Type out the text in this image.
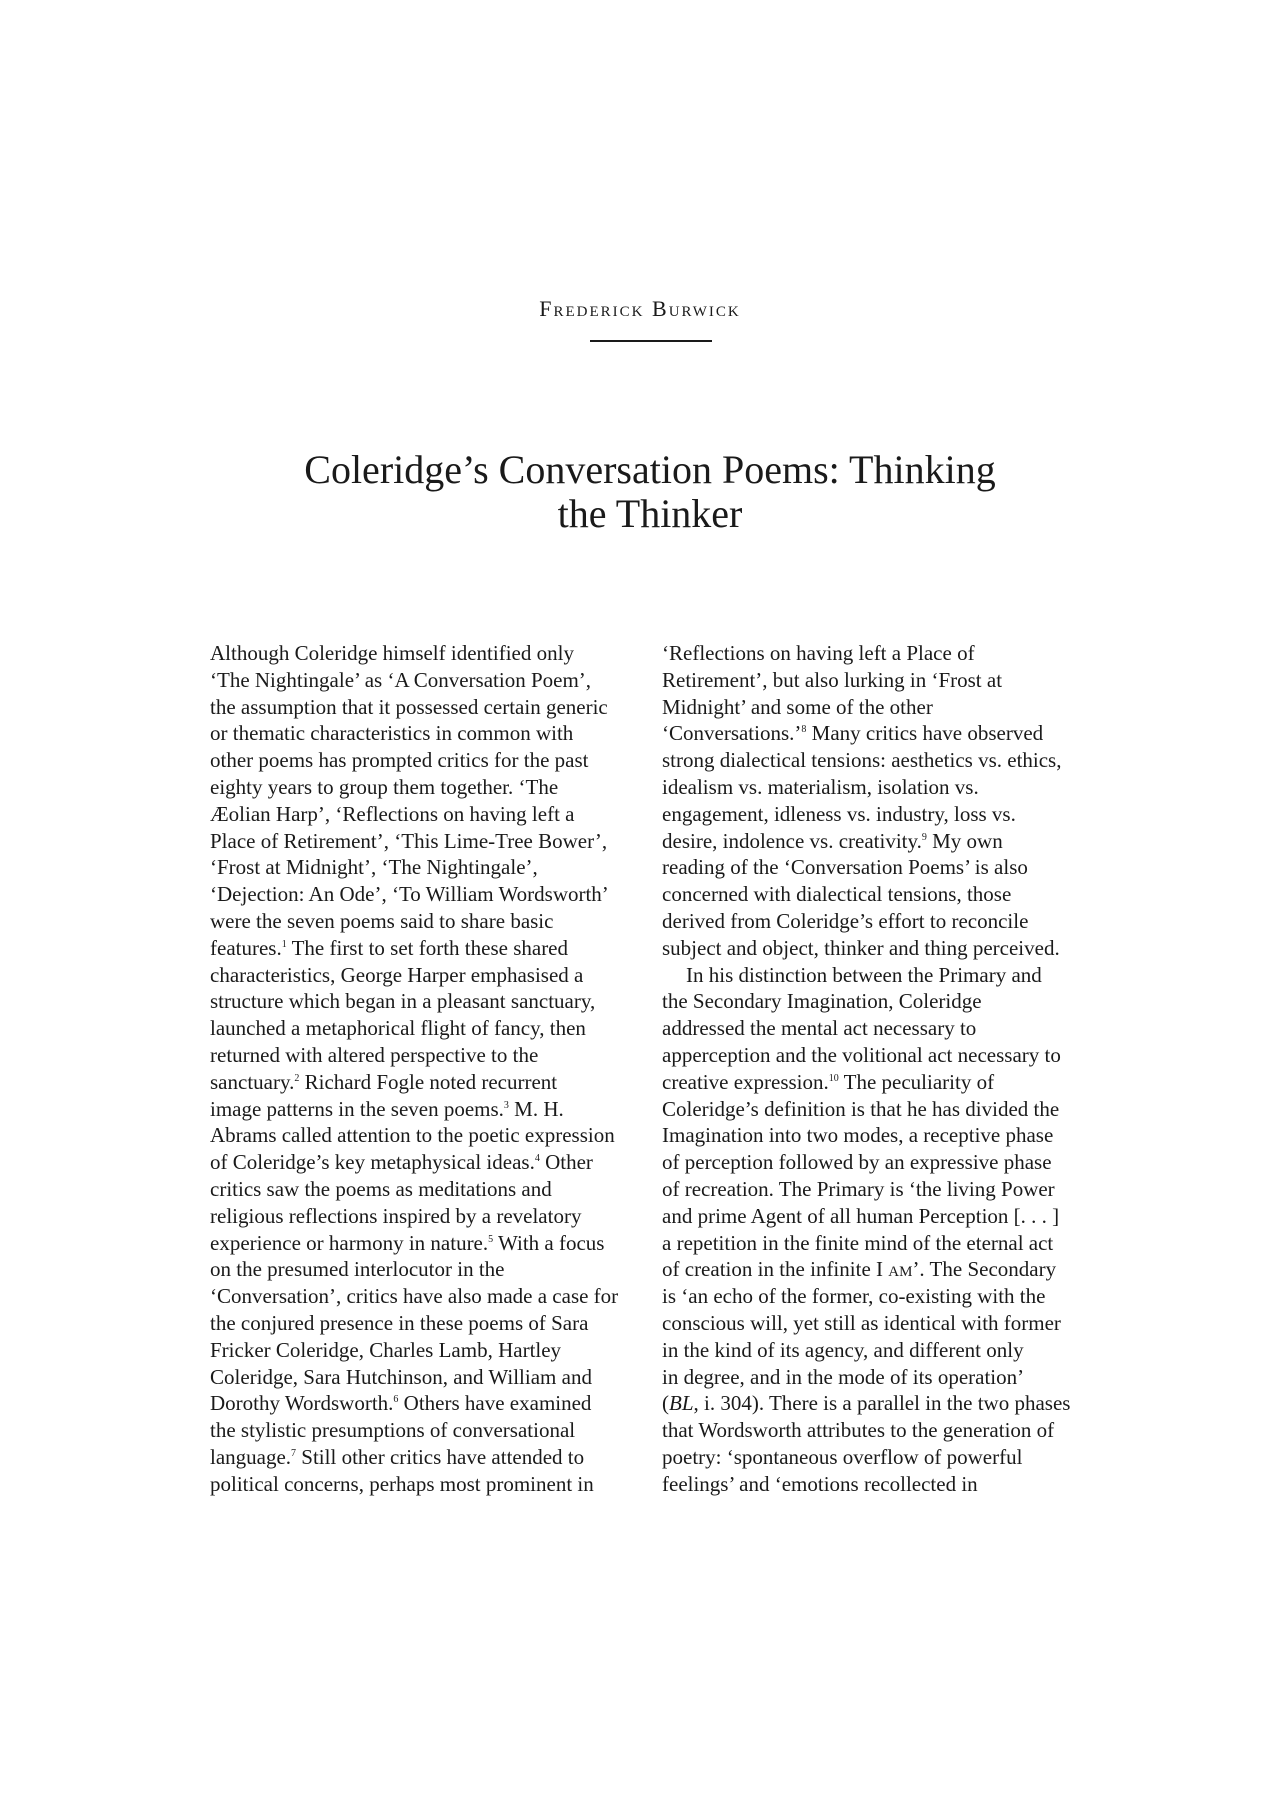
Frederick Burwick
Coleridge’s Conversation Poems: Thinking
the Thinker
Although Coleridge himself identified only
‘The Nightingale’ as ‘A Conversation Poem’,
the assumption that it possessed certain generic
or thematic characteristics in common with
other poems has prompted critics for the past
eighty years to group them together. ‘The
Æolian Harp’, ‘Reflections on having left a
Place of Retirement’, ‘This Lime-Tree Bower’,
‘Frost at Midnight’, ‘The Nightingale’,
‘Dejection: An Ode’, ‘To William Wordsworth’
were the seven poems said to share basic
features.$^1$ The first to set forth these shared
characteristics, George Harper emphasised a
structure which began in a pleasant sanctuary,
launched a metaphorical flight of fancy, then
returned with altered perspective to the
sanctuary.$^2$ Richard Fogle noted recurrent
image patterns in the seven poems.$^3$ M. H.
Abrams called attention to the poetic expression
of Coleridge’s key metaphysical ideas.$^4$ Other
critics saw the poems as meditations and
religious reflections inspired by a revelatory
experience or harmony in nature.$^5$ With a focus
on the presumed interlocutor in the
‘Conversation’, critics have also made a case for
the conjured presence in these poems of Sara
Fricker Coleridge, Charles Lamb, Hartley
Coleridge, Sara Hutchinson, and William and
Dorothy Wordsworth.$^6$ Others have examined
the stylistic presumptions of conversational
language.$^7$ Still other critics have attended to
political concerns, perhaps most prominent in
‘Reflections on having left a Place of
Retirement’, but also lurking in ‘Frost at
Midnight’ and some of the other
‘Conversations.’$^8$ Many critics have observed
strong dialectical tensions: aesthetics vs. ethics,
idealism vs. materialism, isolation vs.
engagement, idleness vs. industry, loss vs.
desire, indolence vs. creativity.$^9$ My own
reading of the ‘Conversation Poems’ is also
concerned with dialectical tensions, those
derived from Coleridge’s effort to reconcile
subject and object, thinker and thing perceived.
In his distinction between the Primary and
the Secondary Imagination, Coleridge
addressed the mental act necessary to
apperception and the volitional act necessary to
creative expression.$^{10}$ The peculiarity of
Coleridge’s definition is that he has divided the
Imagination into two modes, a receptive phase
of perception followed by an expressive phase
of recreation. The Primary is ‘the living Power
and prime Agent of all human Perception [. . . ]
a repetition in the finite mind of the eternal act
of creation in the infinite I am’. The Secondary
is ‘an echo of the former, co-existing with the
conscious will, yet still as identical with former
in the kind of its agency, and different only
in degree, and in the mode of its operation’
(BL, i. 304). There is a parallel in the two phases
that Wordsworth attributes to the generation of
poetry: ‘spontaneous overflow of powerful
feelings’ and ‘emotions recollected in
